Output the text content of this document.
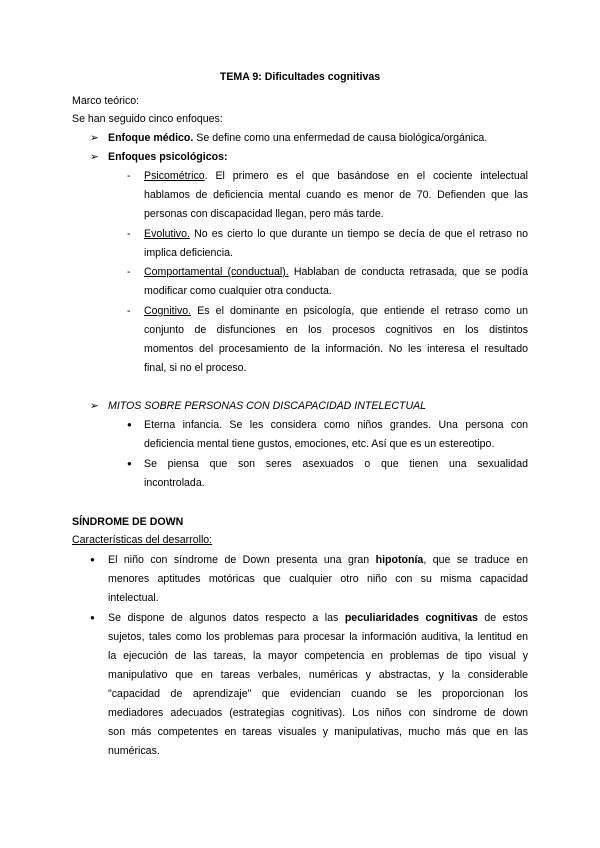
TEMA 9: Dificultades cognitivas
Marco teórico:
Se han seguido cinco enfoques:
➢ Enfoque médico. Se define como una enfermedad de causa biológica/orgánica.
➢ Enfoques psicológicos:
- Psicométrico. El primero es el que basándose en el cociente intelectual
hablamos de deficiencia mental cuando es menor de 70. Defienden que las
personas con discapacidad llegan, pero más tarde.
- Evolutivo. No es cierto lo que durante un tiempo se decía de que el retraso no
implica deficiencia.
- Comportamental (conductual). Hablaban de conducta retrasada, que se podía
modificar como cualquier otra conducta.
- Cognitivo. Es el dominante en psicología, que entiende el retraso como un
conjunto de disfunciones en los procesos cognitivos en los distintos
momentos del procesamiento de la información. No les interesa el resultado
final, si no el proceso.
➢ MITOS SOBRE PERSONAS CON DISCAPACIDAD INTELECTUAL
● Eterna infancia. Se les considera como niños grandes. Una persona con
deficiencia mental tiene gustos, emociones, etc. Así que es un estereotipo.
● Se piensa que son seres asexuados o que tienen una sexualidad
incontrolada.
SÍNDROME DE DOWN
Características del desarrollo:
● El niño con síndrome de Down presenta una gran hipotonía, que se traduce en
menores aptitudes motóricas que cualquier otro niño con su misma capacidad
intelectual.
● Se dispone de algunos datos respecto a las peculiaridades cognitivas de estos
sujetos, tales como los problemas para procesar la información auditiva, la lentitud en
la ejecución de las tareas, la mayor competencia en problemas de tipo visual y
manipulativo que en tareas verbales, numéricas y abstractas, y la considerable
"capacidad de aprendizaje" que evidencian cuando se les proporcionan los
mediadores adecuados (estrategias cognitivas). Los niños con síndrome de down
son más competentes en tareas visuales y manipulativas, mucho más que en las
numéricas.
